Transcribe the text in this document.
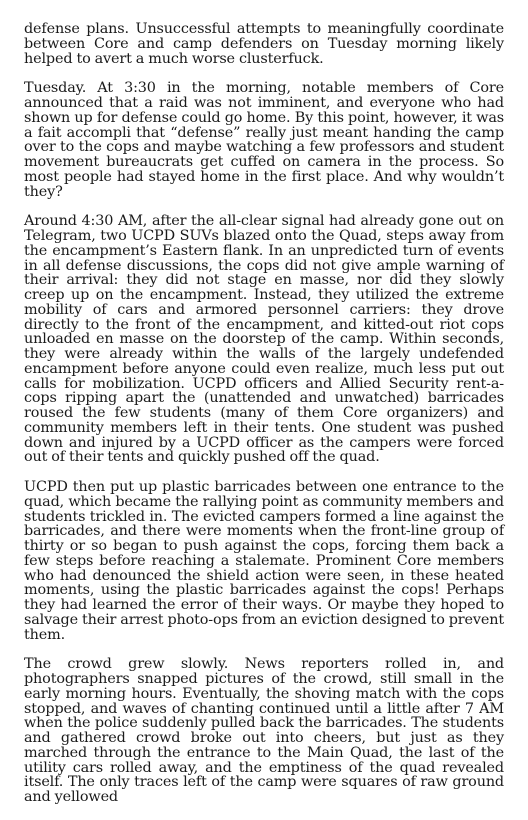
defense plans. Unsuccessful attempts to meaningfully coordinate between Core and camp defenders on Tuesday morning likely helped to avert a much worse clusterfuck.

Tuesday. At 3:30 in the morning, notable members of Core announced that a raid was not imminent, and everyone who had shown up for defense could go home. By this point, however, it was a fait accompli that “defense” really just meant handing the camp over to the cops and maybe watching a few professors and student movement bureaucrats get cuffed on camera in the process. So most people had stayed home in the first place. And why wouldn’t they?

Around 4:30 AM, after the all-clear signal had already gone out on Telegram, two UCPD SUVs blazed onto the Quad, steps away from the encampment’s Eastern flank. In an unpredicted turn of events in all defense discussions, the cops did not give ample warning of their arrival: they did not stage en masse, nor did they slowly creep up on the encampment. Instead, they utilized the extreme mobility of cars and armored personnel carriers: they drove directly to the front of the encampment, and kitted-out riot cops unloaded en masse on the doorstep of the camp. Within seconds, they were already within the walls of the largely undefended encampment before anyone could even realize, much less put out calls for mobilization. UCPD officers and Allied Security rent-a-cops ripping apart the (unattended and unwatched) barricades roused the few students (many of them Core organizers) and community members left in their tents. One student was pushed down and injured by a UCPD officer as the campers were forced out of their tents and quickly pushed off the quad.

UCPD then put up plastic barricades between one entrance to the quad, which became the rallying point as community members and students trickled in. The evicted campers formed a line against the barricades, and there were moments when the front-line group of thirty or so began to push against the cops, forcing them back a few steps before reaching a stalemate. Prominent Core members who had denounced the shield action were seen, in these heated moments, using the plastic barricades against the cops! Perhaps they had learned the error of their ways. Or maybe they hoped to salvage their arrest photo-ops from an eviction designed to prevent them.

The crowd grew slowly. News reporters rolled in, and photographers snapped pictures of the crowd, still small in the early morning hours. Eventually, the shoving match with the cops stopped, and waves of chanting continued until a little after 7 AM when the police suddenly pulled back the barricades. The students and gathered crowd broke out into cheers, but just as they marched through the entrance to the Main Quad, the last of the utility cars rolled away, and the emptiness of the quad revealed itself. The only traces left of the camp were squares of raw ground and yellowed
